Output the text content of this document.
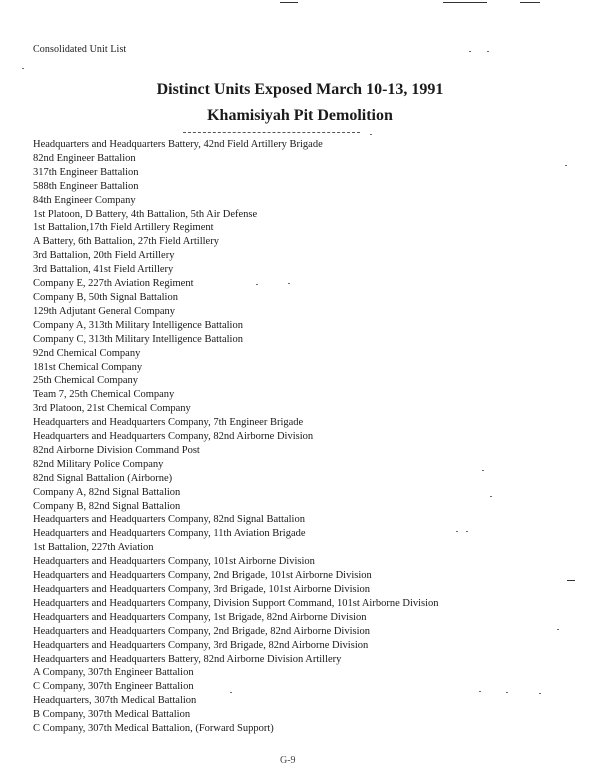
Consolidated Unit List
Distinct Units Exposed March 10-13, 1991
Khamisiyah Pit Demolition
Headquarters and Headquarters Battery, 42nd Field Artillery Brigade
82nd Engineer Battalion
317th Engineer Battalion
588th Engineer Battalion
84th Engineer Company
1st Platoon, D Battery, 4th Battalion, 5th Air Defense
1st Battalion,17th Field Artillery Regiment
A Battery, 6th Battalion, 27th Field Artillery
3rd Battalion, 20th Field Artillery
3rd Battalion, 41st Field Artillery
Company E, 227th Aviation Regiment
Company B, 50th Signal Battalion
129th Adjutant General Company
Company A, 313th Military Intelligence Battalion
Company C, 313th Military Intelligence Battalion
92nd Chemical Company
181st Chemical Company
25th Chemical Company
Team 7, 25th Chemical Company
3rd Platoon, 21st Chemical Company
Headquarters and Headquarters Company, 7th Engineer Brigade
Headquarters and Headquarters Company, 82nd Airborne Division
82nd Airborne Division Command Post
82nd Military Police Company
82nd Signal Battalion (Airborne)
Company A, 82nd Signal Battalion
Company B, 82nd Signal Battalion
Headquarters and Headquarters Company, 82nd Signal Battalion
Headquarters and Headquarters Company, 11th Aviation Brigade
1st Battalion, 227th Aviation
Headquarters and Headquarters Company, 101st Airborne Division
Headquarters and Headquarters Company, 2nd Brigade, 101st Airborne Division
Headquarters and Headquarters Company, 3rd Brigade, 101st Airborne Division
Headquarters and Headquarters Company, Division Support Command, 101st Airborne Division
Headquarters and Headquarters Company, 1st Brigade, 82nd Airborne Division
Headquarters and Headquarters Company, 2nd Brigade, 82nd Airborne Division
Headquarters and Headquarters Company, 3rd Brigade, 82nd Airborne Division
Headquarters and Headquarters Battery, 82nd Airborne Division Artillery
A Company, 307th Engineer Battalion
C Company, 307th Engineer Battalion
Headquarters, 307th Medical Battalion
B Company, 307th Medical Battalion
C Company, 307th Medical Battalion, (Forward Support)
G-9
